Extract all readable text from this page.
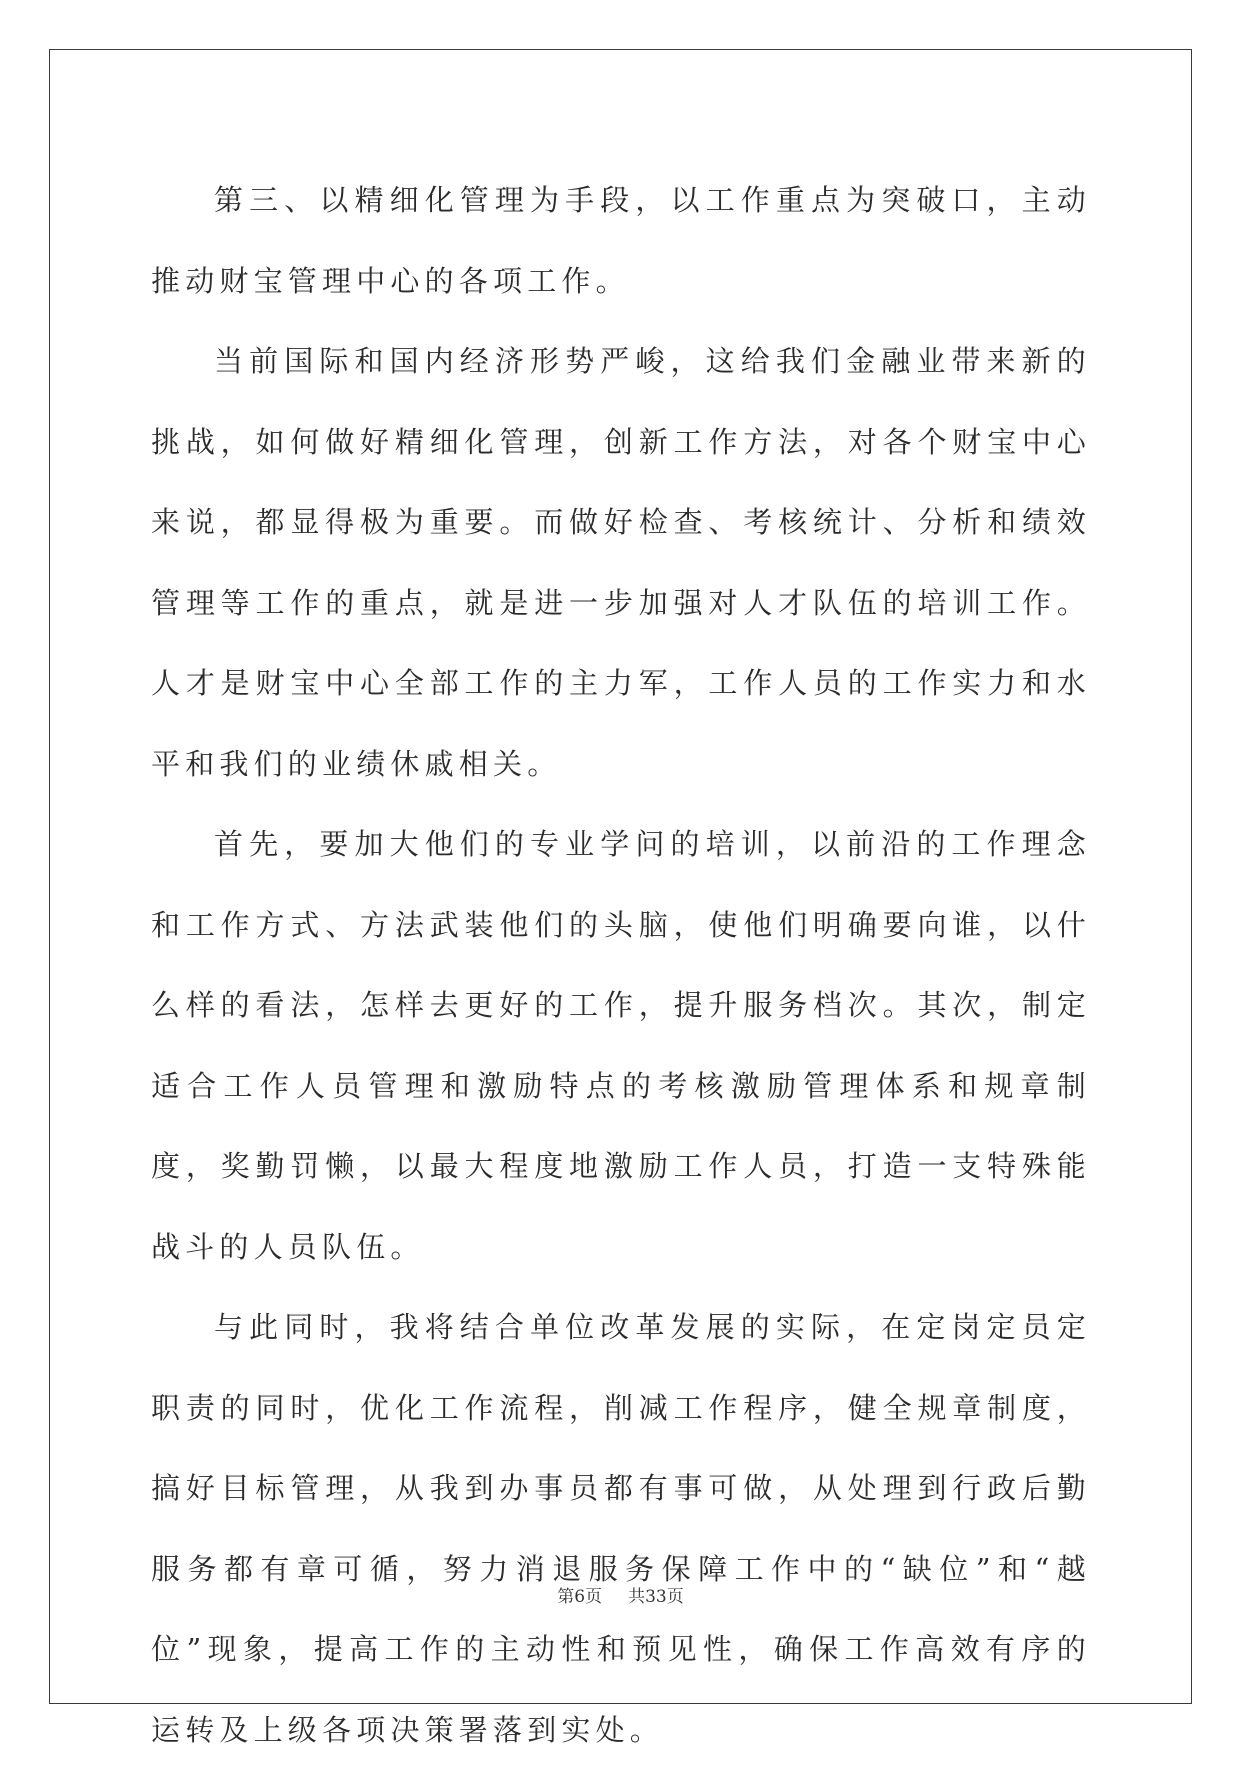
第三、以精细化管理为手段，以工作重点为突破口，主动推动财宝管理中心的各项工作。

当前国际和国内经济形势严峻，这给我们金融业带来新的挑战，如何做好精细化管理，创新工作方法，对各个财宝中心来说，都显得极为重要。而做好检查、考核统计、分析和绩效管理等工作的重点，就是进一步加强对人才队伍的培训工作。人才是财宝中心全部工作的主力军，工作人员的工作实力和水平和我们的业绩休戚相关。

首先，要加大他们的专业学问的培训，以前沿的工作理念和工作方式、方法武装他们的头脑，使他们明确要向谁，以什么样的看法，怎样去更好的工作，提升服务档次。其次，制定适合工作人员管理和激励特点的考核激励管理体系和规章制度，奖勤罚懒，以最大程度地激励工作人员，打造一支特殊能战斗的人员队伍。

与此同时，我将结合单位改革发展的实际，在定岗定员定职责的同时，优化工作流程，削减工作程序，健全规章制度，搞好目标管理，从我到办事员都有事可做，从处理到行政后勤服务都有章可循，努力消退服务保障工作中的“缺位”和“越位”现象，提高工作的主动性和预见性，确保工作高效有序的运转及上级各项决策署落到实处。

第6页 共33页
